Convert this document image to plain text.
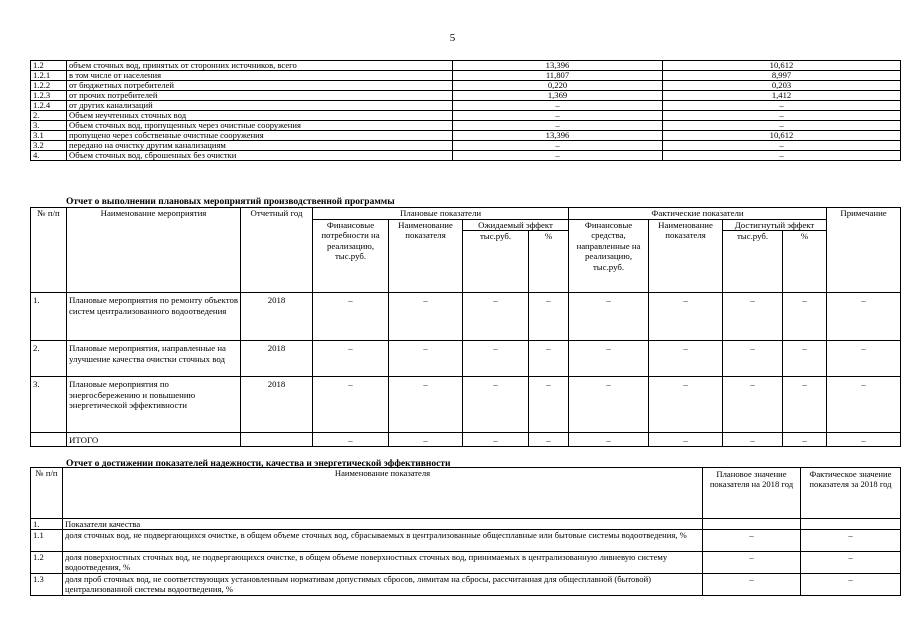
5
1.2	объем сточных вод, принятых от сторонних источников, всего	13,396	10,612
1.2.1	в том числе от населения	11,807	8,997
1.2.2	от бюджетных потребителей	0,220	0,203
1.2.3	от прочих потребителей	1,369	1,412
1.2.4	от других канализаций	–	–
2.	Объем неучтенных сточных вод	–	–
3.	Объем сточных вод, пропущенных через очистные сооружения	–	–
3.1	пропущено через собственные очистные сооружения	13,396	10,612
3.2	передано на очистку другим канализациям	–	–
4.	Объем сточных вод, сброшенных без очистки	–	–
Отчет о выполнении плановых мероприятий производственной программы
№ п/п	Наименование мероприятия	Отчетный год	Плановые показатели				Фактические показатели				Примечание
			Финансовые потребности на реализацию, тыс.руб.	Наименование показателя	Ожидаемый эффект		Финансовые средства, направленные на реализацию, тыс.руб.	Наименование показателя	Достигнутый эффект		
					тыс.руб.	%			тыс.руб.	%	
1.	Плановые мероприятия по ремонту объектов систем централизованного водоотведения	2018	–	–	–	–	–	–	–	–	–
2.	Плановые мероприятия, направленные на улучшение качества очистки сточных вод	2018	–	–	–	–	–	–	–	–	–
3.	Плановые мероприятия по энергосбережению и повышению энергетической эффективности	2018	–	–	–	–	–	–	–	–	–
	ИТОГО		–	–	–	–	–	–	–	–	–
Отчет о достижении показателей надежности, качества и энергетической эффективности
№ п/п	Наименование показателя	Плановое значение показателя на 2018 год	Фактическое значение показателя за 2018 год
1.	Показатели качества		
1.1	доля сточных вод, не подвергающихся очистке, в общем объеме сточных вод, сбрасываемых в централизованные общесплавные или бытовые системы водоотведения, %	–	–
1.2	доля поверхностных сточных вод, не подвергающихся очистке, в общем объеме поверхностных сточных вод, принимаемых в централизованную ливневую систему водоотведения, %	–	–
1.3	доля проб сточных вод, не соответствующих установленным нормативам допустимых сбросов, лимитам на сбросы, рассчитанная для общесплавной (бытовой) централизованной системы водоотведения, %	–	–
